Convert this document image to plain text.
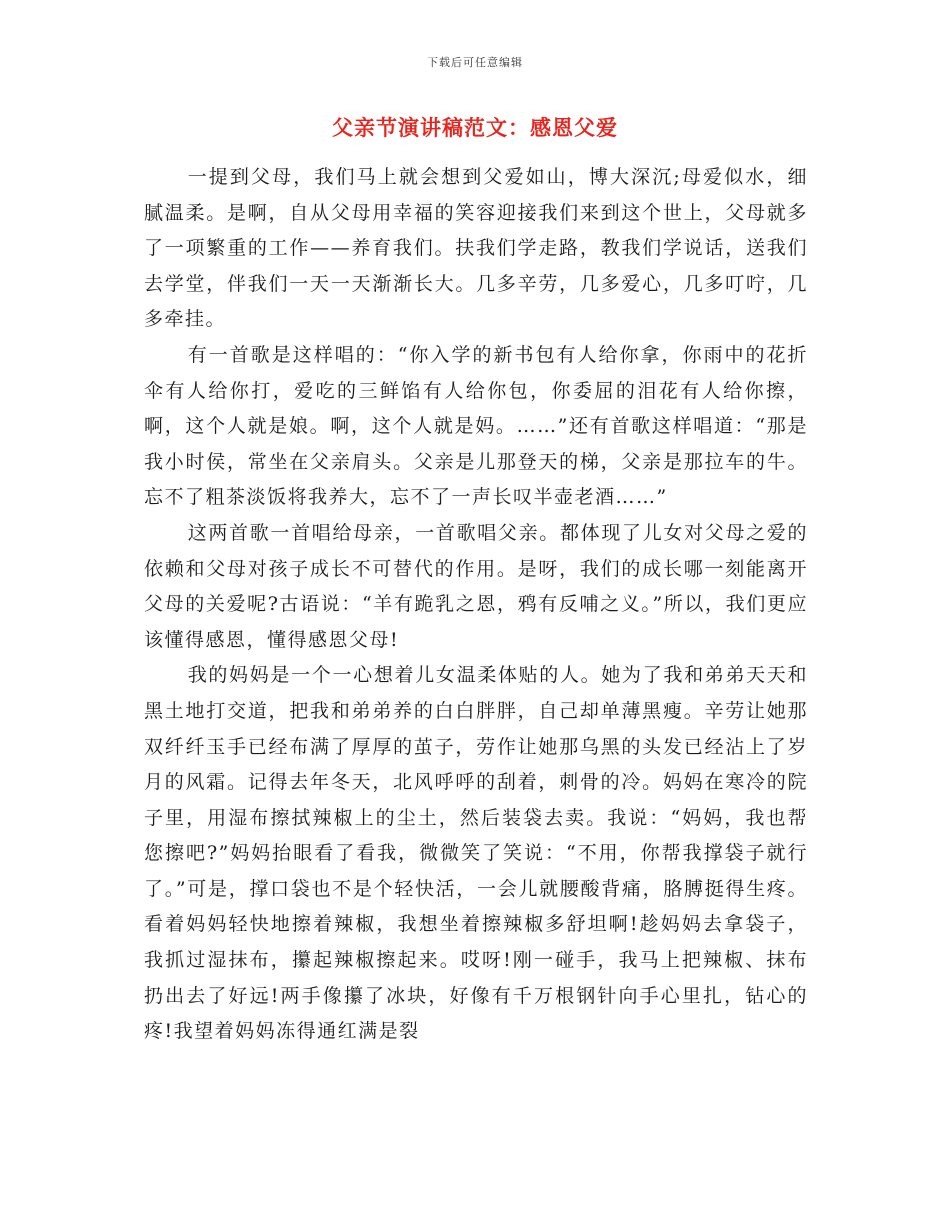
下载后可任意编辑
父亲节演讲稿范文：感恩父爱

一提到父母，我们马上就会想到父爱如山，博大深沉;母爱似水，细腻温柔。是啊，自从父母用幸福的笑容迎接我们来到这个世上，父母就多了一项繁重的工作——养育我们。扶我们学走路，教我们学说话，送我们去学堂，伴我们一天一天渐渐长大。几多辛劳，几多爱心，几多叮咛，几多牵挂。

有一首歌是这样唱的：“你入学的新书包有人给你拿，你雨中的花折伞有人给你打，爱吃的三鲜馅有人给你包，你委屈的泪花有人给你擦，啊，这个人就是娘。啊，这个人就是妈。……”还有首歌这样唱道：“那是我小时侯，常坐在父亲肩头。父亲是儿那登天的梯，父亲是那拉车的牛。忘不了粗茶淡饭将我养大，忘不了一声长叹半壶老酒……”

这两首歌一首唱给母亲，一首歌唱父亲。都体现了儿女对父母之爱的依赖和父母对孩子成长不可替代的作用。是呀，我们的成长哪一刻能离开父母的关爱呢?古语说：“羊有跪乳之恩，鸦有反哺之义。”所以，我们更应该懂得感恩，懂得感恩父母!

我的妈妈是一个一心想着儿女温柔体贴的人。她为了我和弟弟天天和黑土地打交道，把我和弟弟养的白白胖胖，自己却单薄黑瘦。辛劳让她那双纤纤玉手已经布满了厚厚的茧子，劳作让她那乌黑的头发已经沾上了岁月的风霜。记得去年冬天，北风呼呼的刮着，刺骨的冷。妈妈在寒冷的院子里，用湿布擦拭辣椒上的尘土，然后装袋去卖。我说：“妈妈，我也帮您擦吧?”妈妈抬眼看了看我，微微笑了笑说：“不用，你帮我撑袋子就行了。”可是，撑口袋也不是个轻快活，一会儿就腰酸背痛，胳膊挺得生疼。看着妈妈轻快地擦着辣椒，我想坐着擦辣椒多舒坦啊!趁妈妈去拿袋子，我抓过湿抹布，攥起辣椒擦起来。哎呀!刚一碰手，我马上把辣椒、抹布扔出去了好远!两手像攥了冰块，好像有千万根钢针向手心里扎，钻心的疼!我望着妈妈冻得通红满是裂
